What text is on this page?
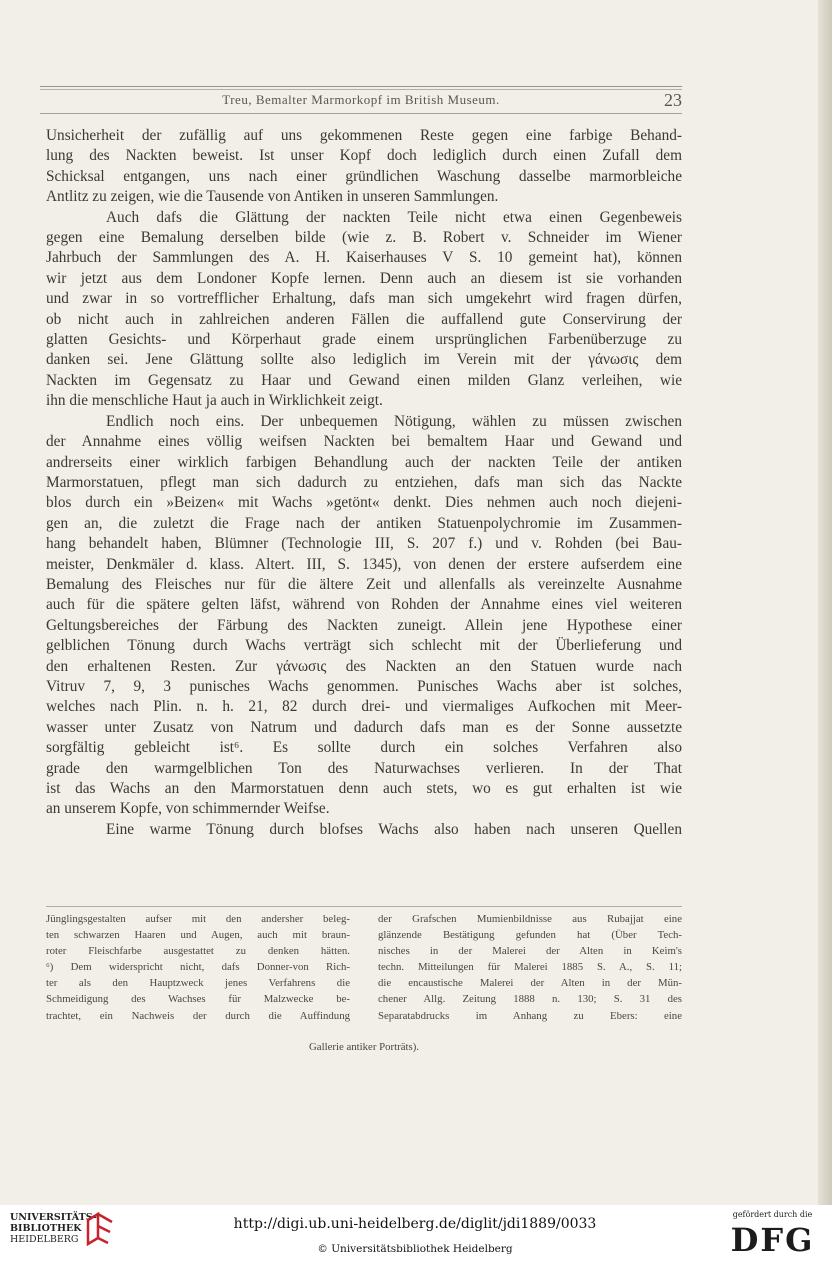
Treu, Bemalter Marmorkopf im British Museum.	23

Unsicherheit der zufällig auf uns gekommenen Reste gegen eine farbige Behand-

lung des Nackten beweist. Ist unser Kopf doch lediglich durch einen Zufall dem

Schicksal entgangen, uns nach einer gründlichen Waschung dasselbe marmorbleiche

Antlitz zu zeigen, wie die Tausende von Antiken in unseren Sammlungen.

Auch dafs die Glättung der nackten Teile nicht etwa einen Gegenbeweis

gegen eine Bemalung derselben bilde (wie z. B. Robert v. Schneider im Wiener

Jahrbuch der Sammlungen des A. H. Kaiserhauses V S. 10 gemeint hat), können

wir jetzt aus dem Londoner Kopfe lernen. Denn auch an diesem ist sie vorhanden

und zwar in so vortrefflicher Erhaltung, dafs man sich umgekehrt wird fragen dürfen,

ob nicht auch in zahlreichen anderen Fällen die auffallend gute Conservirung der

glatten Gesichts- und Körperhaut grade einem ursprünglichen Farbenüberzuge zu

danken sei. Jene Glättung sollte also lediglich im Verein mit der γάνωσις dem

Nackten im Gegensatz zu Haar und Gewand einen milden Glanz verleihen, wie

ihn die menschliche Haut ja auch in Wirklichkeit zeigt.

Endlich noch eins. Der unbequemen Nötigung, wählen zu müssen zwischen

der Annahme eines völlig weifsen Nackten bei bemaltem Haar und Gewand und

andrerseits einer wirklich farbigen Behandlung auch der nackten Teile der antiken

Marmorstatuen, pflegt man sich dadurch zu entziehen, dafs man sich das Nackte

blos durch ein »Beizen« mit Wachs »getönt« denkt. Dies nehmen auch noch diejeni-

gen an, die zuletzt die Frage nach der antiken Statuenpolychromie im Zusammen-

hang behandelt haben, Blümner (Technologie III, S. 207 f.) und v. Rohden (bei Bau-

meister, Denkmäler d. klass. Altert. III, S. 1345), von denen der erstere aufserdem eine

Bemalung des Fleisches nur für die ältere Zeit und allenfalls als vereinzelte Ausnahme

auch für die spätere gelten läfst, während von Rohden der Annahme eines viel weiteren

Geltungsbereiches der Färbung des Nackten zuneigt. Allein jene Hypothese einer

gelblichen Tönung durch Wachs verträgt sich schlecht mit der Überlieferung und

den erhaltenen Resten. Zur γάνωσις des Nackten an den Statuen wurde nach

Vitruv 7, 9, 3 punisches Wachs genommen. Punisches Wachs aber ist solches,

welches nach Plin. n. h. 21, 82 durch drei- und viermaliges Aufkochen mit Meer-

wasser unter Zusatz von Natrum und dadurch dafs man es der Sonne aussetzte

sorgfältig gebleicht ist⁶. Es sollte durch ein solches Verfahren also

grade den warmgelblichen Ton des Naturwachses verlieren. In der That

ist das Wachs an den Marmorstatuen denn auch stets, wo es gut erhalten ist wie

an unserem Kopfe, von schimmernder Weifse.

Eine warme Tönung durch blofses Wachs also haben nach unseren Quellen

Jünglingsgestalten aufser mit den andersher beleg-
ten schwarzen Haaren und Augen, auch mit braun-
roter Fleischfarbe ausgestattet zu denken hätten.
⁶) Dem widerspricht nicht, dafs Donner-von Rich-
ter als den Hauptzweck jenes Verfahrens die
Schmeidigung des Wachses für Malzwecke be-
trachtet, ein Nachweis der durch die Auffindung
der Grafschen Mumienbildnisse aus Rubajjat eine
glänzende Bestätigung gefunden hat (Über Tech-
nisches in der Malerei der Alten in Keim's
techn. Mitteilungen für Malerei 1885 S. A., S. 11;
die encaustische Malerei der Alten in der Mün-
chener Allg. Zeitung 1888 n. 130; S. 31 des
Separatabdrucks im Anhang zu Ebers: eine
Gallerie antiker Porträts).
UNIVERSITÄTS-
BIBLIOTHEK
HEIDELBERG
http://digi.ub.uni-heidelberg.de/diglit/jdi1889/0033
© Universitätsbibliothek Heidelberg
gefördert durch die
DFG
